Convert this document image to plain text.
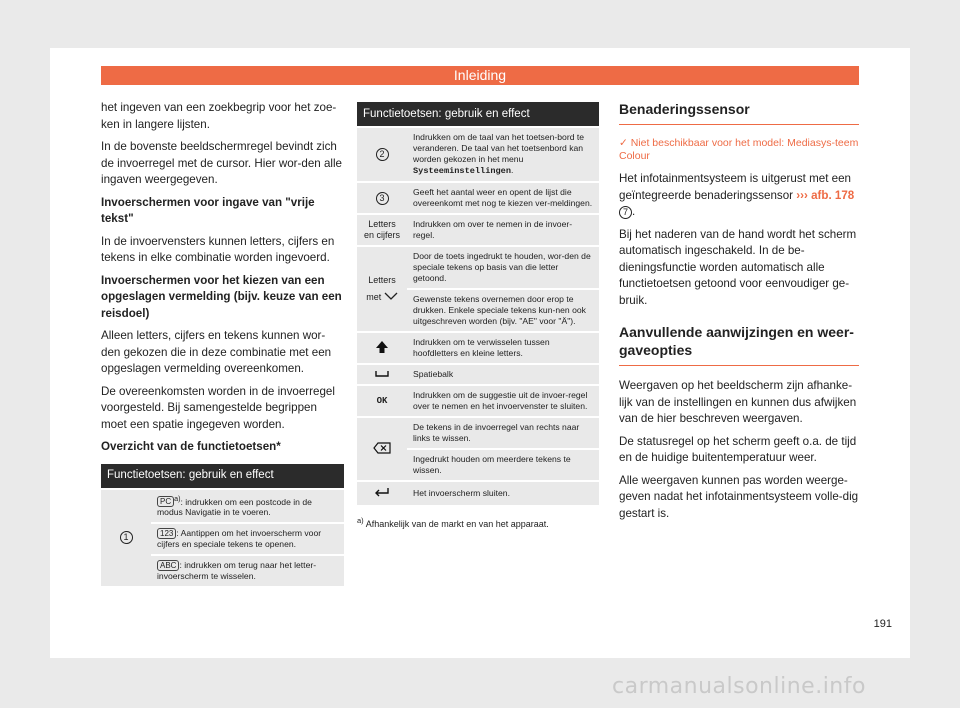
Inleiding

het ingeven van een zoekbegrip voor het zoe-ken in langere lijsten.

In de bovenste beeldschermregel bevindt zich de invoerregel met de cursor. Hier wor-den alle ingaven weergegeven.

Invoerschermen voor ingave van "vrije tekst"

In de invoervensters kunnen letters, cijfers en tekens in elke combinatie worden ingevoerd.

Invoerschermen voor het kiezen van een opgeslagen vermelding (bijv. keuze van een reisdoel)

Alleen letters, cijfers en tekens kunnen wor-den gekozen die in deze combinatie met een opgeslagen vermelding overeenkomen.

De overeenkomsten worden in de invoerregel voorgesteld. Bij samengestelde begrippen moet een spatie ingegeven worden.

Overzicht van de functietoetsen*

Functietoetsen: gebruik en effect
1	PC $^{a)}$: indrukken om een postcode in de modus Navigatie in te voeren.
123 : Aantippen om het invoerscherm voor cijfers en speciale tekens te openen.
ABC : indrukken om terug naar het letter-invoerscherm te wisselen.
Functietoetsen: gebruik en effect	
2	Indrukken om de taal van het toetsen-bord te veranderen. De taal van het toetsenbord kan worden gekozen in het menu Systeeminstellingen.
3	Geeft het aantal weer en opent de lijst die overeenkomt met nog te kiezen ver-meldingen.
Letters en cijfers	Indrukken om over te nemen in de invoer-regel.

Letters
met	Door de toets ingedrukt te houden, wor-den de speciale tekens op basis van die letter getoond.
	Gewenste tekens overnemen door erop te drukken. Enkele speciale tekens kun-nen ook uitgeschreven worden (bijv. "AE" voor "Ä").
	Indrukken om te verwisselen tussen hoofdletters en kleine letters.
	Spatiebalk
OK	Indrukken om de suggestie uit de invoer-regel over te nemen en het invoervenster te sluiten.
	De tekens in de invoerregel van rechts naar links te wissen.
	Ingedrukt houden om meerdere tekens te wissen.
	Het invoerscherm sluiten.
$^{a)}$ Afhankelijk van de markt en van het apparaat.
Benaderingssensor
✓ Niet beschikbaar voor het model: Mediasys-teem Colour

Het infotainmentsysteem is uitgerust met een geïntegreerde benaderingssensor ››› afb. 178 7 .

Bij het naderen van de hand wordt het scherm automatisch ingeschakeld. In de be-dieningsfunctie worden automatisch alle functietoetsen getoond voor eenvoudiger ge-bruik.

Aanvullende aanwijzingen en weer-gaveopties

Weergaven op het beeldscherm zijn afhanke-lijk van de instellingen en kunnen dus afwijken van de hier beschreven weergaven.

De statusregel op het scherm geeft o.a. de tijd en de huidige buitentemperatuur weer.

Alle weergaven kunnen pas worden weerge-geven nadat het infotainmentsysteem volle-dig gestart is.

191
carmanualsonline.info
